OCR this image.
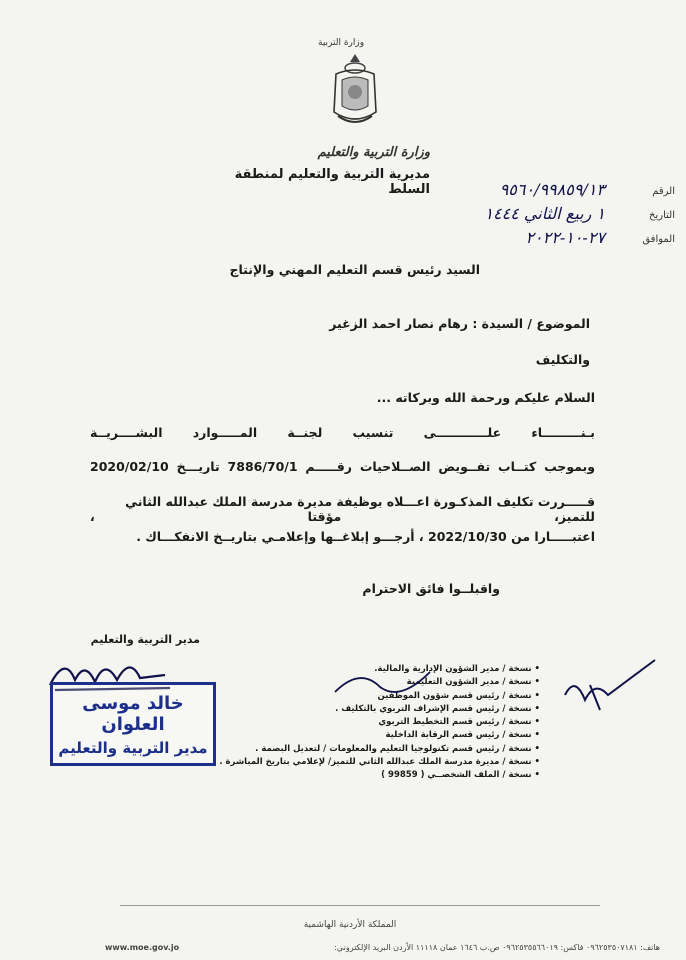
وزارة التربية
وزارة التربية والتعليم
مديرية التربية والتعليم لمنطقة السلط	الرقم
التاريخ
الموافق
٩٥٦٠/٩٩٨٥٩/١٣
١ ربيع الثاني ١٤٤٤
٢٧-١٠-٢٠٢٢
السيد رئيس قسم التعليم المهني والإنتاج
الموضوع / السيدة : رهام نصار احمد الزغير
والتكليف
السلام عليكم ورحمة الله وبركاته ...
بـنـــــــــاء علــــــــــــى تنسيب لجنــة المـــــوارد البشــــريــة
وبموجب كتــاب تفــويض الصــلاحيات رقـــــم 7886/70/1 تاريـــخ 2020/02/10
قـــــررت تكليف المذكـورة اعـــلاه بوظيفة مديرة مدرسة الملك عبدالله الثاني للتميز، مؤقتا ،
اعتبـــــارا من 2022/10/30 ، أرجـــو إبلاغــها وإعلامـي بتاريــخ الانفكـــاك .
واقبلــوا فائق الاحترام
مدير التربية والتعليم
خالد موسى العلوان
مدير التربية والتعليم
• نسخة / مدير الشؤون الإدارية والمالية.
• نسخة / مدير الشؤون التعليمية
• نسخة / رئيس قسم شؤون الموظفين
• نسخة / رئيس قسم الإشراف التربوي بالتكليف .
• نسخة / رئيس قسم التخطيط التربوي
• نسخة / رئيس قسم الرقابة الداخلية
• نسخة / رئيس قسم تكنولوجيا التعليم والمعلومات / لتعديل البصمة .
• نسخة / مديرة مدرسة الملك عبدالله الثاني للتميز/ لإعلامي بتاريخ المباشرة .
• نسخة / الملف الشخصــي ( 99859 )
المملكة الأردنية الهاشمية
هاتف: ٠٩٦٢٥٣٥٠٧١٨١ فاكس: ٠٩٦٢٥٣٥٥٦٦٠١٩ ص.ب ١٦٤٦ عمان ١١١١٨ الأردن البريد الإلكتروني:
www.moe.gov.jo
